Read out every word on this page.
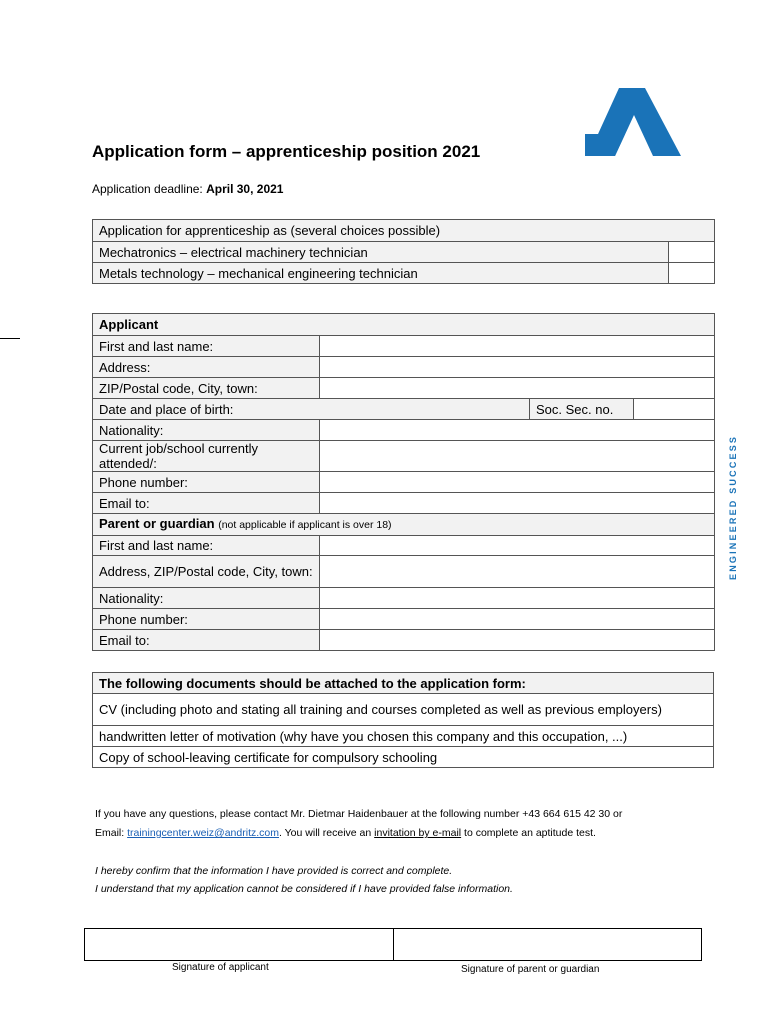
Application form – apprenticeship position 2021
Application deadline: April 30, 2021
ENGINEERED SUCCESS
Application for apprenticeship as (several choices possible)	
Mechatronics – electrical machinery technician	
Metals technology – mechanical engineering technician	
Applicant			
First and last name:			
Address:			
ZIP/Postal code, City, town:			
Date and place of birth:		Soc. Sec. no.	
Nationality:			
Current job/school currently attended/:			
Phone number:			
Email to:			
Parent or guardian (not applicable if applicant is over 18)			
First and last name:			
Address, ZIP/Postal code, City, town:			
Nationality:			
Phone number:			
Email to:			
The following documents should be attached to the application form:
CV (including photo and stating all training and courses completed as well as previous employers)
handwritten letter of motivation (why have you chosen this company and this occupation, ...)
Copy of school-leaving certificate for compulsory schooling
If you have any questions, please contact Mr. Dietmar Haidenbauer at the following number +43 664 615 42 30 or
Email: trainingcenter.weiz@andritz.com. You will receive an invitation by e-mail to complete an aptitude test.
I hereby confirm that the information I have provided is correct and complete.
I understand that my application cannot be considered if I have provided false information.
Signature of applicant	Signature of parent or guardian
